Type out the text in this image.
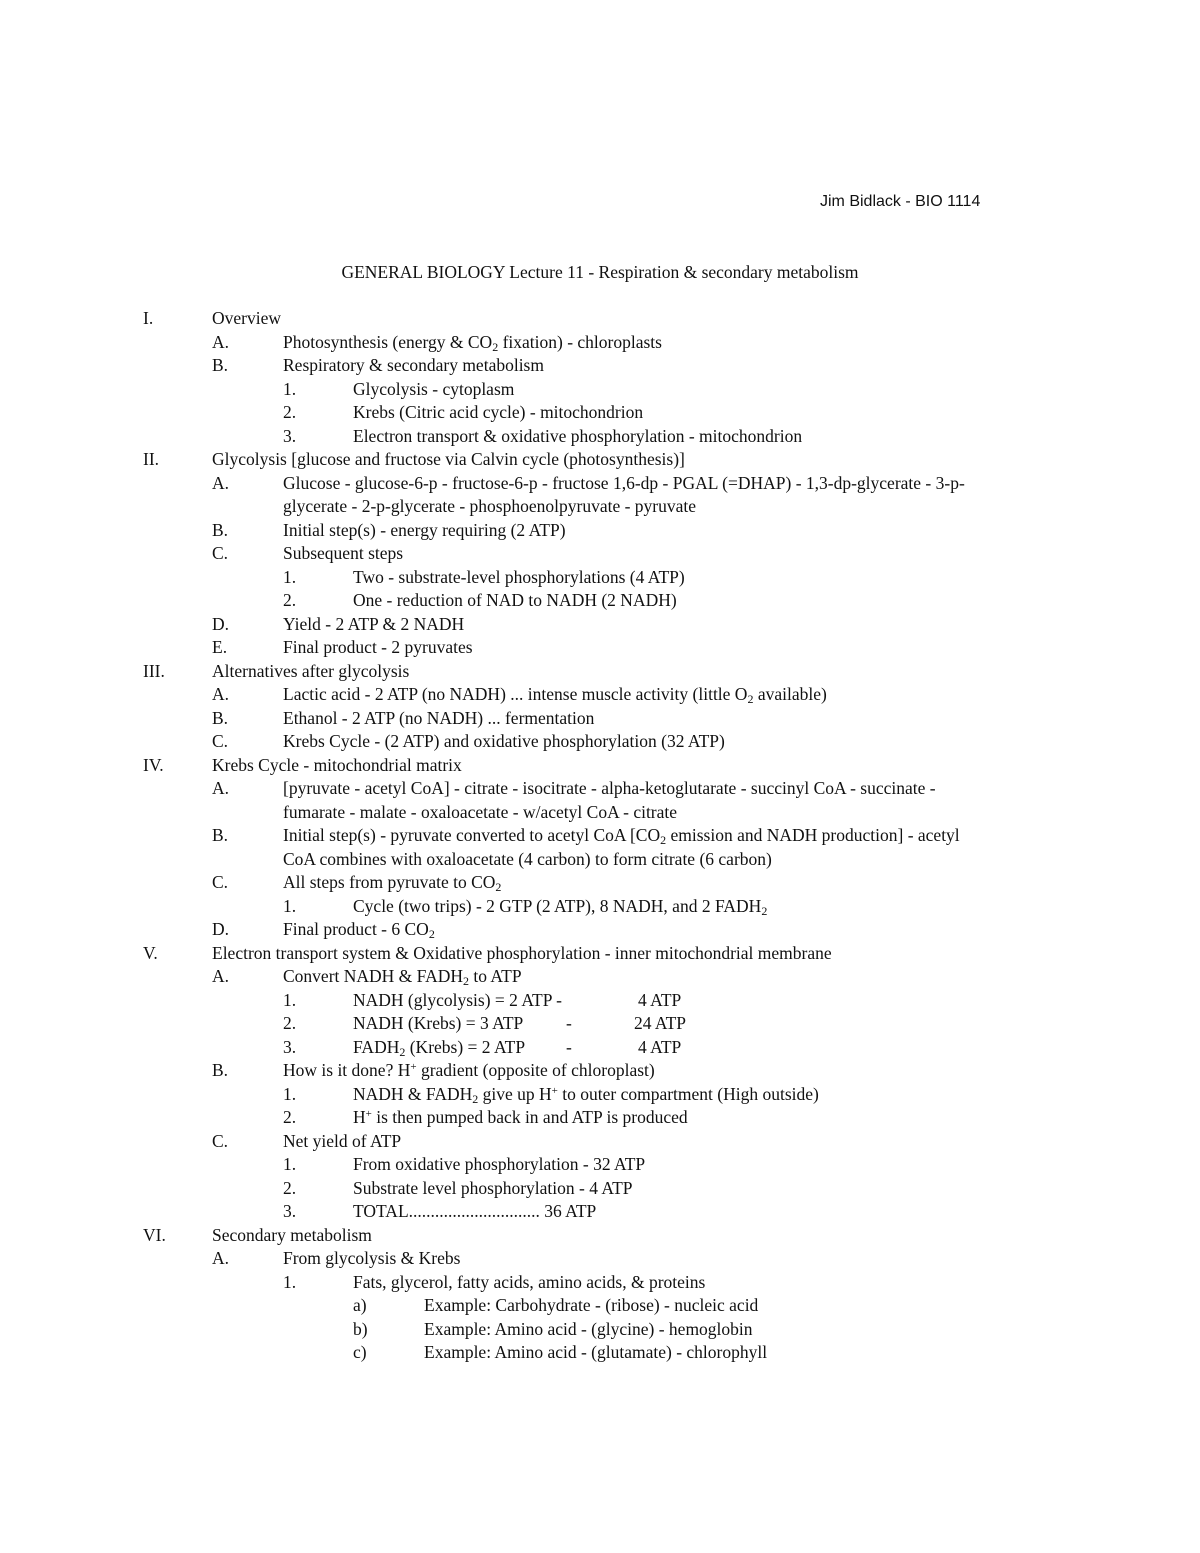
Jim Bidlack - BIO 1114
GENERAL BIOLOGY Lecture 11 - Respiration & secondary metabolism
I.	Overview
A.	Photosynthesis (energy & $CO_2$ fixation) - chloroplasts
B.	Respiratory & secondary metabolism
1.	Glycolysis - cytoplasm
2.	Krebs (Citric acid cycle) - mitochondrion
3.	Electron transport & oxidative phosphorylation - mitochondrion
II.	Glycolysis [glucose and fructose via Calvin cycle (photosynthesis)]
A.	Glucose - glucose-6-p - fructose-6-p - fructose 1,6-dp - PGAL (=DHAP) - 1,3-dp-glycerate - 3-p-
glycerate - 2-p-glycerate - phosphoenolpyruvate - pyruvate
B.	Initial step(s) - energy requiring (2 ATP)
C.	Subsequent steps
1.	Two - substrate-level phosphorylations (4 ATP)
2.	One - reduction of NAD to NADH (2 NADH)
D.	Yield - 2 ATP & 2 NADH
E.	Final product - 2 pyruvates
III.	Alternatives after glycolysis
A.	Lactic acid - 2 ATP (no NADH) ... intense muscle activity (little $O_2$ available)
B.	Ethanol - 2 ATP (no NADH) ... fermentation
C.	Krebs Cycle - (2 ATP) and oxidative phosphorylation (32 ATP)
IV.	Krebs Cycle - mitochondrial matrix
A.	[pyruvate - acetyl CoA] - citrate - isocitrate - alpha-ketoglutarate - succinyl CoA - succinate -
fumarate - malate - oxaloacetate - w/acetyl CoA - citrate
B.	Initial step(s) - pyruvate converted to acetyl CoA [$CO_2$ emission and NADH production] - acetyl
CoA combines with oxaloacetate (4 carbon) to form citrate (6 carbon)
C.	All steps from pyruvate to $CO_2$
1.	Cycle (two trips) - 2 GTP (2 ATP), 8 NADH, and 2 $FADH_2$
D.	Final product - 6 $CO_2$
V.	Electron transport system & Oxidative phosphorylation - inner mitochondrial membrane
A.	Convert NADH & $FADH_2$ to ATP
1.	NADH (glycolysis) = 2 ATP -	4 ATP
2.	NADH (Krebs) = 3 ATP -	24 ATP
3.	$FADH_2$ (Krebs) = 2 ATP -	4 ATP
B.	How is it done? H+ gradient (opposite of chloroplast)
1.	NADH & $FADH_2$ give up H+ to outer compartment (High outside)
2.	H+ is then pumped back in and ATP is produced
C.	Net yield of ATP
1.	From oxidative phosphorylation - 32 ATP
2.	Substrate level phosphorylation - 4 ATP
3.	TOTAL.............................. 36 ATP
VI.	Secondary metabolism
A.	From glycolysis & Krebs
1.	Fats, glycerol, fatty acids, amino acids, & proteins
a)	Example: Carbohydrate - (ribose) - nucleic acid
b)	Example: Amino acid - (glycine) - hemoglobin
c)	Example: Amino acid - (glutamate) - chlorophyll
